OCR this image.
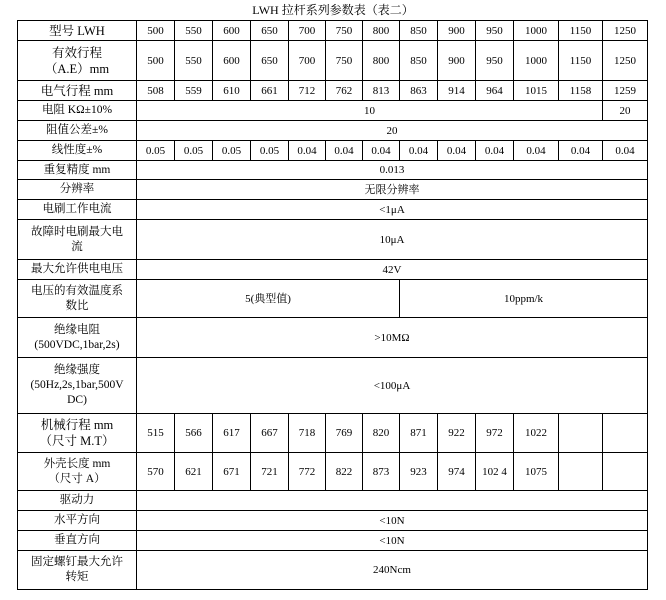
LWH 拉杆系列参数表（表二）
型号 LWH	500	550	600	650	700	750	800	850	900	950	1000	1150	1250

有效行程
（A.E）mm	500	550	600	650	700	750	800	850	900	950	1000	1150	1250
电气行程 mm	508	559	610	661	712	762	813	863	914	964	1015	1158	1259
电阻 KΩ±10%	10												20
阻值公差±%	20												
线性度±%	0.05	0.05	0.05	0.05	0.04	0.04	0.04	0.04	0.04	0.04	0.04	0.04	0.04
重复精度 mm	0.013												
分辨率	无限分辨率												
电刷工作电流	<1μA												

故障时电刷最大电
流	10μA												
最大允许供电电压	42V												

电压的有效温度系
数比	5(典型值)							10ppm/k					

绝缘电阻
(500VDC,1bar,2s)	>10MΩ												

绝缘强度
(50Hz,2s,1bar,500V
DC)	<100μA												

机械行程 mm
（尺寸 M.T）	515	566	617	667	718	769	820	871	922	972	1022		

外壳长度 mm
（尺寸 A）	570	621	671	721	772	822	873	923	974	102 4	1075		
驱动力													
水平方向	<10N												
垂直方向	<10N												

固定螺钉最大允许
转矩	240Ncm												
